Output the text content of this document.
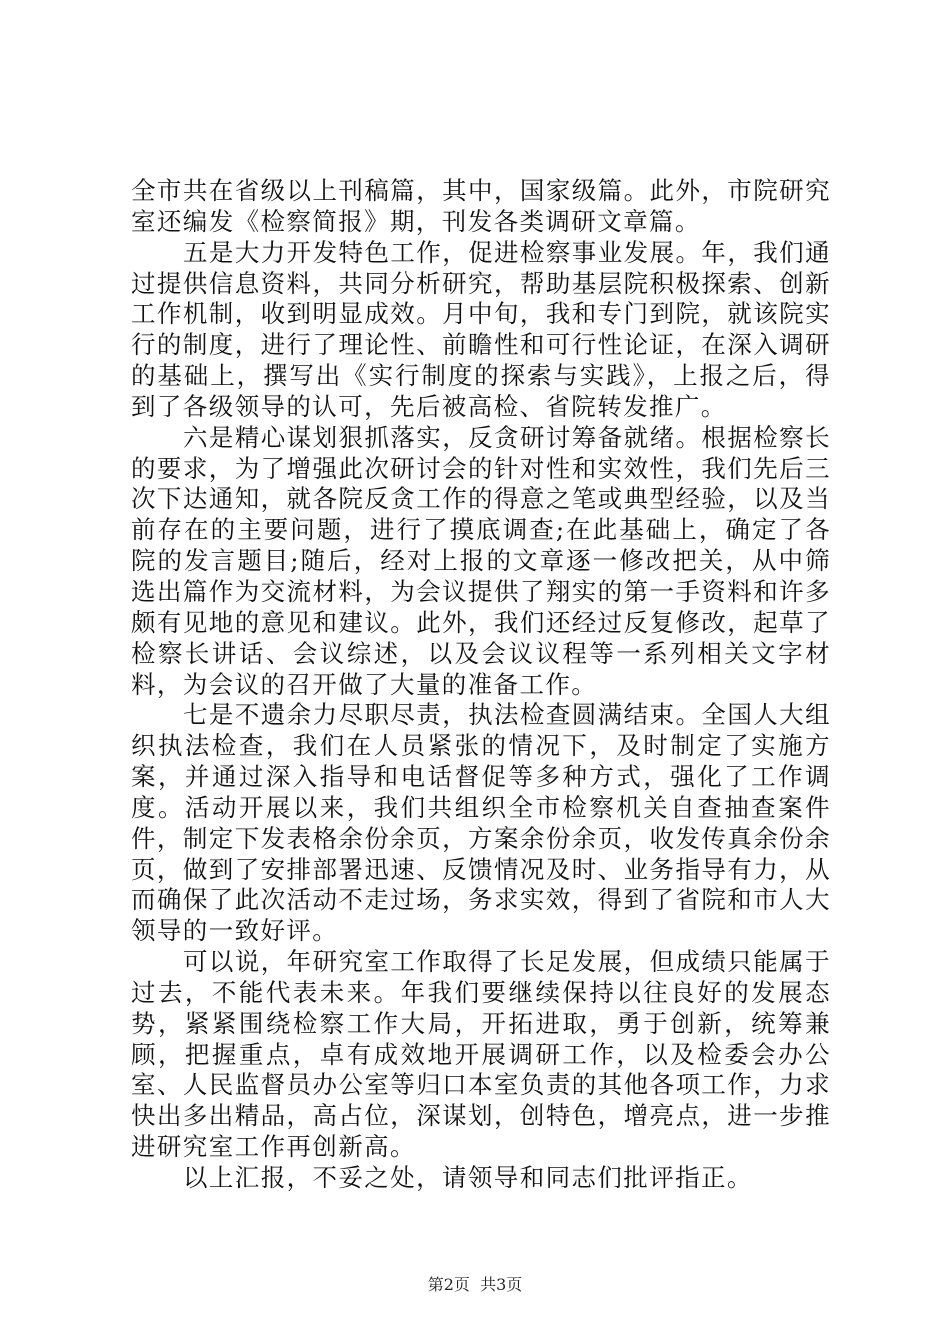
全市共在省级以上刊稿篇，其中，国家级篇。此外，市院研究室还编发《检察简报》期，刊发各类调研文章篇。

五是大力开发特色工作，促进检察事业发展。年，我们通过提供信息资料，共同分析研究，帮助基层院积极探索、创新工作机制，收到明显成效。月中旬，我和专门到院，就该院实行的制度，进行了理论性、前瞻性和可行性论证，在深入调研的基础上，撰写出《实行制度的探索与实践》，上报之后，得到了各级领导的认可，先后被高检、省院转发推广。

六是精心谋划狠抓落实，反贪研讨筹备就绪。根据检察长的要求，为了增强此次研讨会的针对性和实效性，我们先后三次下达通知，就各院反贪工作的得意之笔或典型经验，以及当前存在的主要问题，进行了摸底调查;在此基础上，确定了各院的发言题目;随后，经对上报的文章逐一修改把关，从中筛选出篇作为交流材料，为会议提供了翔实的第一手资料和许多颇有见地的意见和建议。此外，我们还经过反复修改，起草了检察长讲话、会议综述，以及会议议程等一系列相关文字材料，为会议的召开做了大量的准备工作。

七是不遗余力尽职尽责，执法检查圆满结束。全国人大组织执法检查，我们在人员紧张的情况下，及时制定了实施方案，并通过深入指导和电话督促等多种方式，强化了工作调度。活动开展以来，我们共组织全市检察机关自查抽查案件件，制定下发表格余份余页，方案余份余页，收发传真余份余页，做到了安排部署迅速、反馈情况及时、业务指导有力，从而确保了此次活动不走过场，务求实效，得到了省院和市人大领导的一致好评。

可以说，年研究室工作取得了长足发展，但成绩只能属于过去，不能代表未来。年我们要继续保持以往良好的发展态势，紧紧围绕检察工作大局，开拓进取，勇于创新，统筹兼顾，把握重点，卓有成效地开展调研工作，以及检委会办公室、人民监督员办公室等归口本室负责的其他各项工作，力求快出多出精品，高占位，深谋划，创特色，增亮点，进一步推进研究室工作再创新高。

以上汇报，不妥之处，请领导和同志们批评指正。

第2页  共3页
